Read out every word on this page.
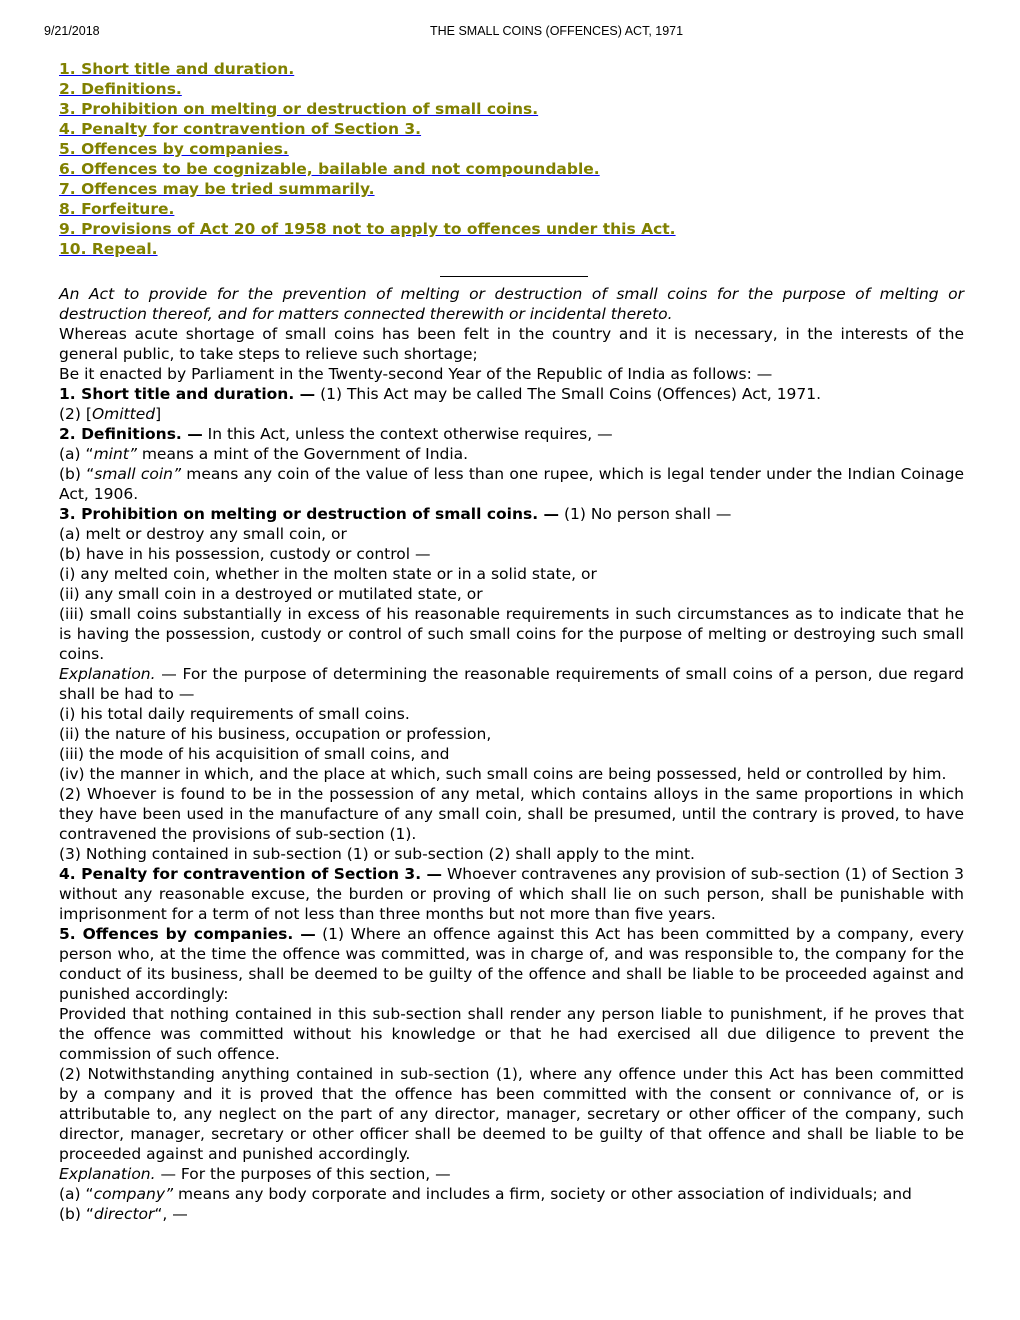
9/21/2018	THE SMALL COINS (OFFENCES) ACT, 1971
1. Short title and duration.
2. Definitions.
3. Prohibition on melting or destruction of small coins.
4. Penalty for contravention of Section 3.
5. Offences by companies.
6. Offences to be cognizable, bailable and not compoundable.
7. Offences may be tried summarily.
8. Forfeiture.
9. Provisions of Act 20 of 1958 not to apply to offences under this Act.
10. Repeal.
An Act to provide for the prevention of melting or destruction of small coins for the purpose of melting or destruction thereof, and for matters connected therewith or incidental thereto.
Whereas acute shortage of small coins has been felt in the country and it is necessary, in the interests of the general public, to take steps to relieve such shortage;
Be it enacted by Parliament in the Twenty-second Year of the Republic of India as follows: —
1. Short title and duration. — (1) This Act may be called The Small Coins (Offences) Act, 1971.
(2) [Omitted]
2. Definitions. — In this Act, unless the context otherwise requires, —
(a) “mint” means a mint of the Government of India.
(b) “small coin” means any coin of the value of less than one rupee, which is legal tender under the Indian Coinage Act, 1906.
3. Prohibition on melting or destruction of small coins. — (1) No person shall —
(a) melt or destroy any small coin, or
(b) have in his possession, custody or control —
(i) any melted coin, whether in the molten state or in a solid state, or
(ii) any small coin in a destroyed or mutilated state, or
(iii) small coins substantially in excess of his reasonable requirements in such circumstances as to indicate that he is having the possession, custody or control of such small coins for the purpose of melting or destroying such small coins.
Explanation. — For the purpose of determining the reasonable requirements of small coins of a person, due regard shall be had to —
(i) his total daily requirements of small coins.
(ii) the nature of his business, occupation or profession,
(iii) the mode of his acquisition of small coins, and
(iv) the manner in which, and the place at which, such small coins are being possessed, held or controlled by him.
(2) Whoever is found to be in the possession of any metal, which contains alloys in the same proportions in which they have been used in the manufacture of any small coin, shall be presumed, until the contrary is proved, to have contravened the provisions of sub-section (1).
(3) Nothing contained in sub-section (1) or sub-section (2) shall apply to the mint.
4. Penalty for contravention of Section 3. — Whoever contravenes any provision of sub-section (1) of Section 3 without any reasonable excuse, the burden or proving of which shall lie on such person, shall be punishable with imprisonment for a term of not less than three months but not more than five years.
5. Offences by companies. — (1) Where an offence against this Act has been committed by a company, every person who, at the time the offence was committed, was in charge of, and was responsible to, the company for the conduct of its business, shall be deemed to be guilty of the offence and shall be liable to be proceeded against and punished accordingly:
Provided that nothing contained in this sub-section shall render any person liable to punishment, if he proves that the offence was committed without his knowledge or that he had exercised all due diligence to prevent the commission of such offence.
(2) Notwithstanding anything contained in sub-section (1), where any offence under this Act has been committed by a company and it is proved that the offence has been committed with the consent or connivance of, or is attributable to, any neglect on the part of any director, manager, secretary or other officer of the company, such director, manager, secretary or other officer shall be deemed to be guilty of that offence and shall be liable to be proceeded against and punished accordingly.
Explanation. — For the purposes of this section, —
(a) “company” means any body corporate and includes a firm, society or other association of individuals; and
(b) “director“, —
